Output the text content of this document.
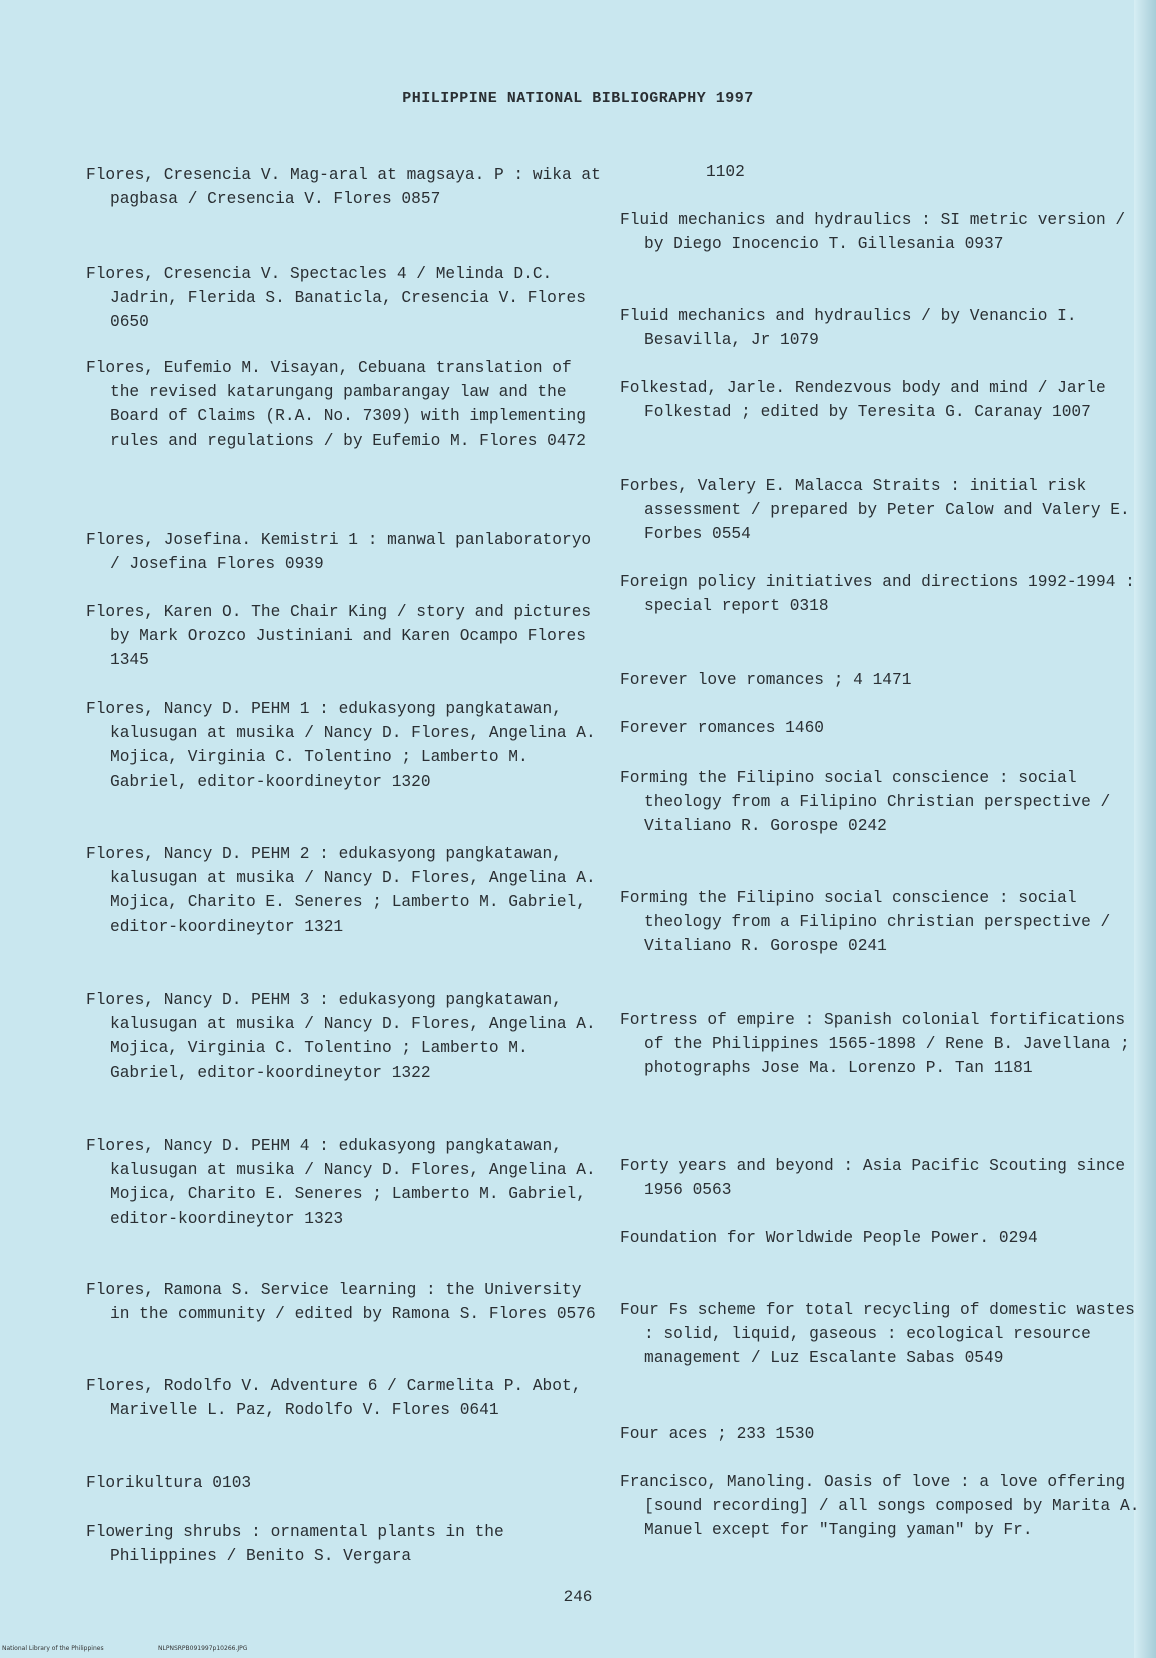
PHILIPPINE NATIONAL BIBLIOGRAPHY 1997
Flores, Cresencia V. Mag-aral at magsaya. P : wika at pagbasa / Cresencia V. Flores 0857
Flores, Cresencia V. Spectacles 4 / Melinda D.C. Jadrin, Flerida S. Banaticla, Cresencia V. Flores 0650
Flores, Eufemio M. Visayan, Cebuana translation of the revised katarungang pambarangay law and the Board of Claims (R.A. No. 7309) with implementing rules and regulations / by Eufemio M. Flores 0472
Flores, Josefina. Kemistri 1 : manwal panlaboratoryo / Josefina Flores 0939
Flores, Karen O. The Chair King / story and pictures by Mark Orozco Justiniani and Karen Ocampo Flores 1345
Flores, Nancy D. PEHM 1 : edukasyong pangkatawan, kalusugan at musika / Nancy D. Flores, Angelina A. Mojica, Virginia C. Tolentino ; Lamberto M. Gabriel, editor-koordineytor 1320
Flores, Nancy D. PEHM 2 : edukasyong pangkatawan, kalusugan at musika / Nancy D. Flores, Angelina A. Mojica, Charito E. Seneres ; Lamberto M. Gabriel, editor-koordineytor 1321
Flores, Nancy D. PEHM 3 : edukasyong pangkatawan, kalusugan at musika / Nancy D. Flores, Angelina A. Mojica, Virginia C. Tolentino ; Lamberto M. Gabriel, editor-koordineytor 1322
Flores, Nancy D. PEHM 4 : edukasyong pangkatawan, kalusugan at musika / Nancy D. Flores, Angelina A. Mojica, Charito E. Seneres ; Lamberto M. Gabriel, editor-koordineytor 1323
Flores, Ramona S. Service learning : the University in the community / edited by Ramona S. Flores 0576
Flores, Rodolfo V. Adventure 6 / Carmelita P. Abot, Marivelle L. Paz, Rodolfo V. Flores 0641
Florikultura 0103
Flowering shrubs : ornamental plants in the Philippines / Benito S. Vergara
1102
Fluid mechanics and hydraulics : SI metric version / by Diego Inocencio T. Gillesania 0937
Fluid mechanics and hydraulics / by Venancio I. Besavilla, Jr 1079
Folkestad, Jarle. Rendezvous body and mind / Jarle Folkestad ; edited by Teresita G. Caranay 1007
Forbes, Valery E. Malacca Straits : initial risk assessment / prepared by Peter Calow and Valery E. Forbes 0554
Foreign policy initiatives and directions 1992-1994 : special report 0318
Forever love romances ; 4 1471
Forever romances 1460
Forming the Filipino social conscience : social theology from a Filipino Christian perspective / Vitaliano R. Gorospe 0242
Forming the Filipino social conscience : social theology from a Filipino christian perspective / Vitaliano R. Gorospe 0241
Fortress of empire : Spanish colonial fortifications of the Philippines 1565-1898 / Rene B. Javellana ; photographs Jose Ma. Lorenzo P. Tan 1181
Forty years and beyond : Asia Pacific Scouting since 1956 0563
Foundation for Worldwide People Power. 0294
Four Fs scheme for total recycling of domestic wastes : solid, liquid, gaseous : ecological resource management / Luz Escalante Sabas 0549
Four aces ; 233 1530
Francisco, Manoling. Oasis of love : a love offering [sound recording] / all songs composed by Marita A. Manuel except for "Tanging yaman" by Fr.
246
National Library of the Philippines	NLPNSRPB091997p10266.JPG
